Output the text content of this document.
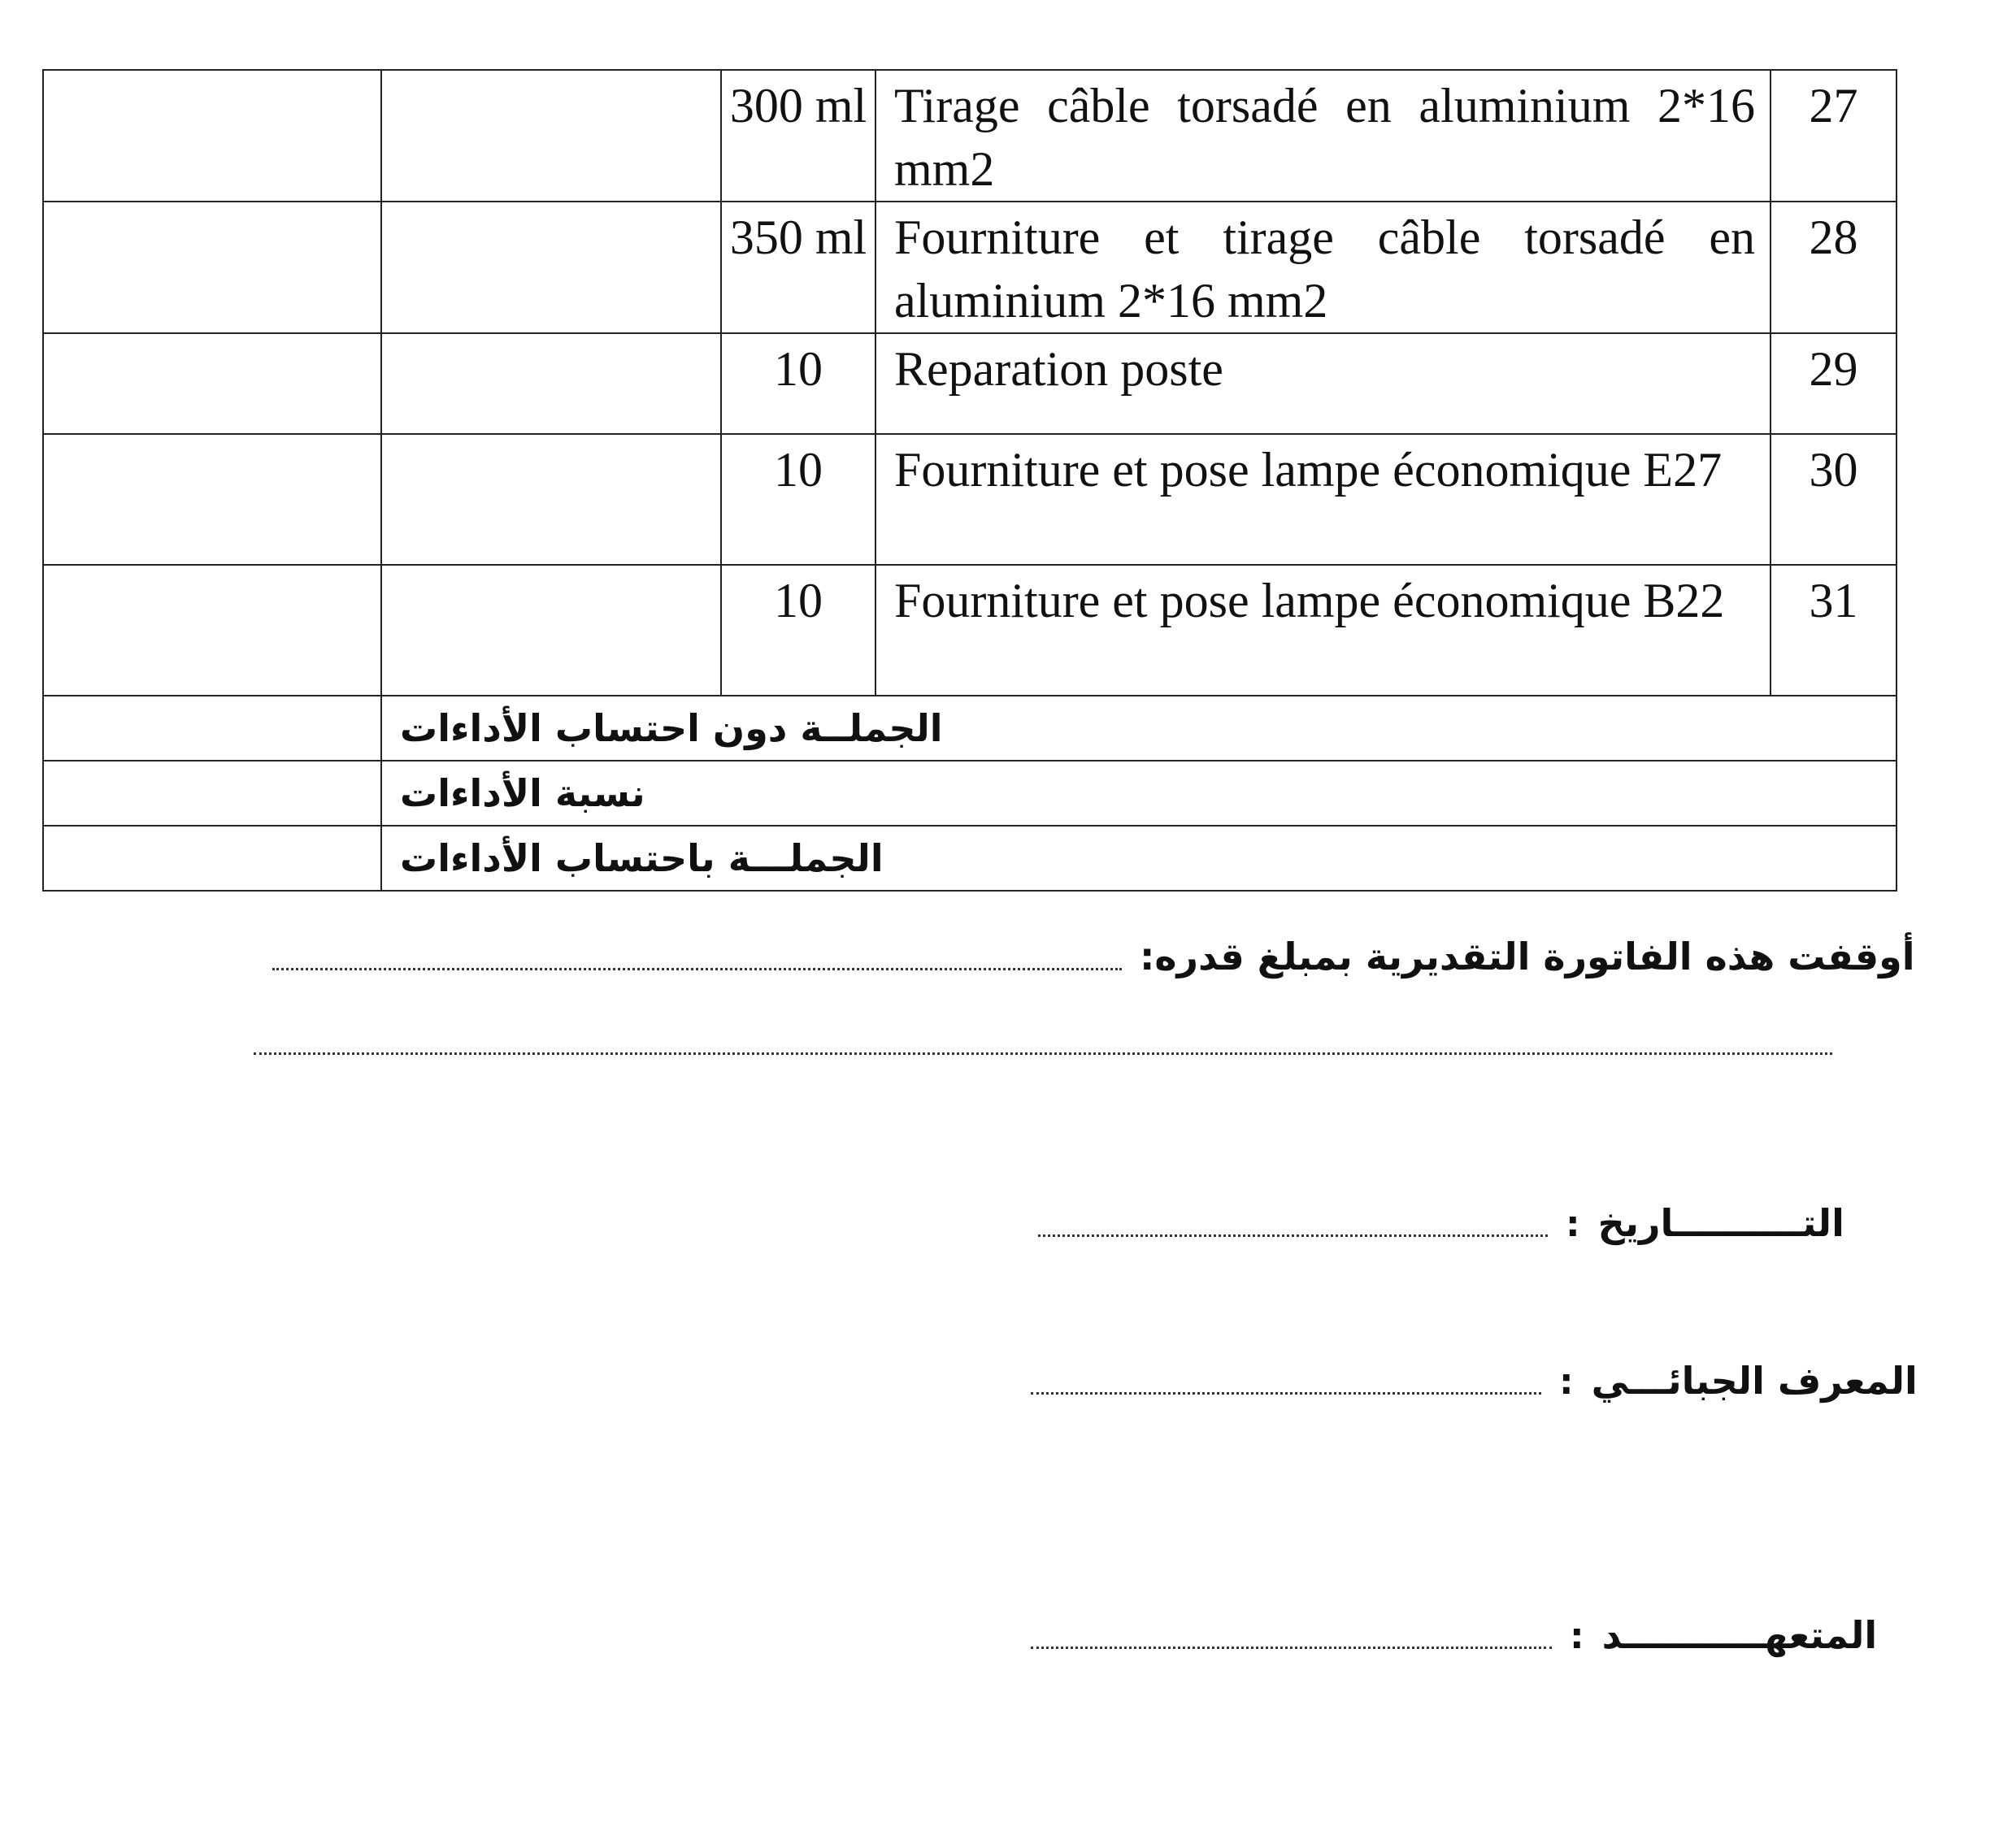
		300 ml	Tirage câble torsadé en aluminium 2*16 mm2	27
		350 ml	Fourniture et tirage câble torsadé en aluminium 2*16 mm2	28
		10	Reparation poste	29
		10	Fourniture et pose lampe économique E27	30
		10	Fourniture et pose lampe économique B22	31
	الجملــة دون احتساب الأداءات			
	نسبة الأداءات			
	الجملـــة باحتساب الأداءات			
أوقفت هذه الفاتورة التقديرية بمبلغ قدره:
: التــــــــــاريخ
: المعرف الجبائـــي
: المتعهـــــــــــد
